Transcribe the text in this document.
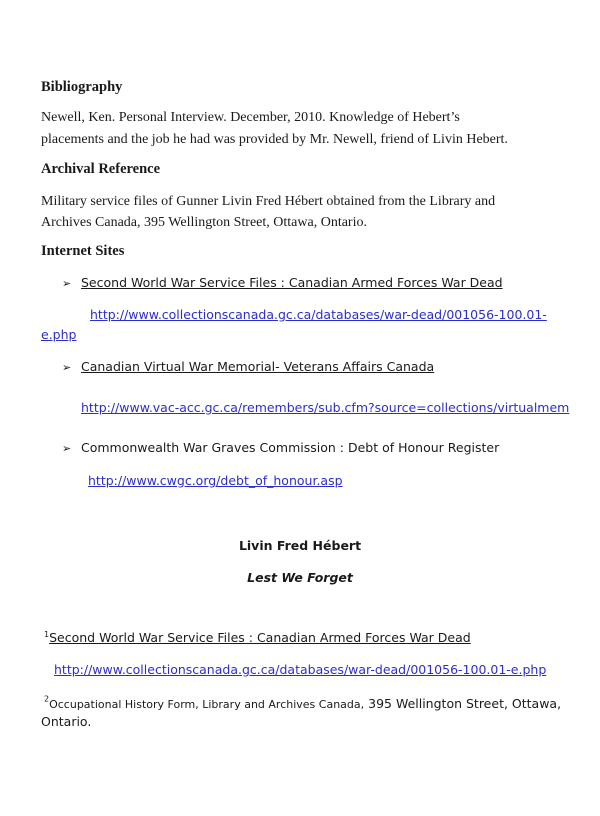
Bibliography
Newell, Ken. Personal Interview. December, 2010. Knowledge of Hebert’s
placements and the job he had was provided by Mr. Newell, friend of Livin Hebert.
Archival Reference
Military service files of Gunner Livin Fred Hébert obtained from the Library and
Archives Canada, 395 Wellington Street, Ottawa, Ontario.
Internet Sites
➢ Second World War Service Files : Canadian Armed Forces War Dead
http://www.collectionscanada.gc.ca/databases/war-dead/001056-100.01-
e.php
➢ Canadian Virtual War Memorial- Veterans Affairs Canada
http://www.vac-acc.gc.ca/remembers/sub.cfm?source=collections/virtualmem
➢ Commonwealth War Graves Commission : Debt of Honour Register
http://www.cwgc.org/debt_of_honour.asp
Livin Fred Hébert
Lest We Forget
$^1$Second World War Service Files : Canadian Armed Forces War Dead
http://www.collectionscanada.gc.ca/databases/war-dead/001056-100.01-e.php
$^2$Occupational History Form, Library and Archives Canada, 395 Wellington Street, Ottawa,
Ontario.
